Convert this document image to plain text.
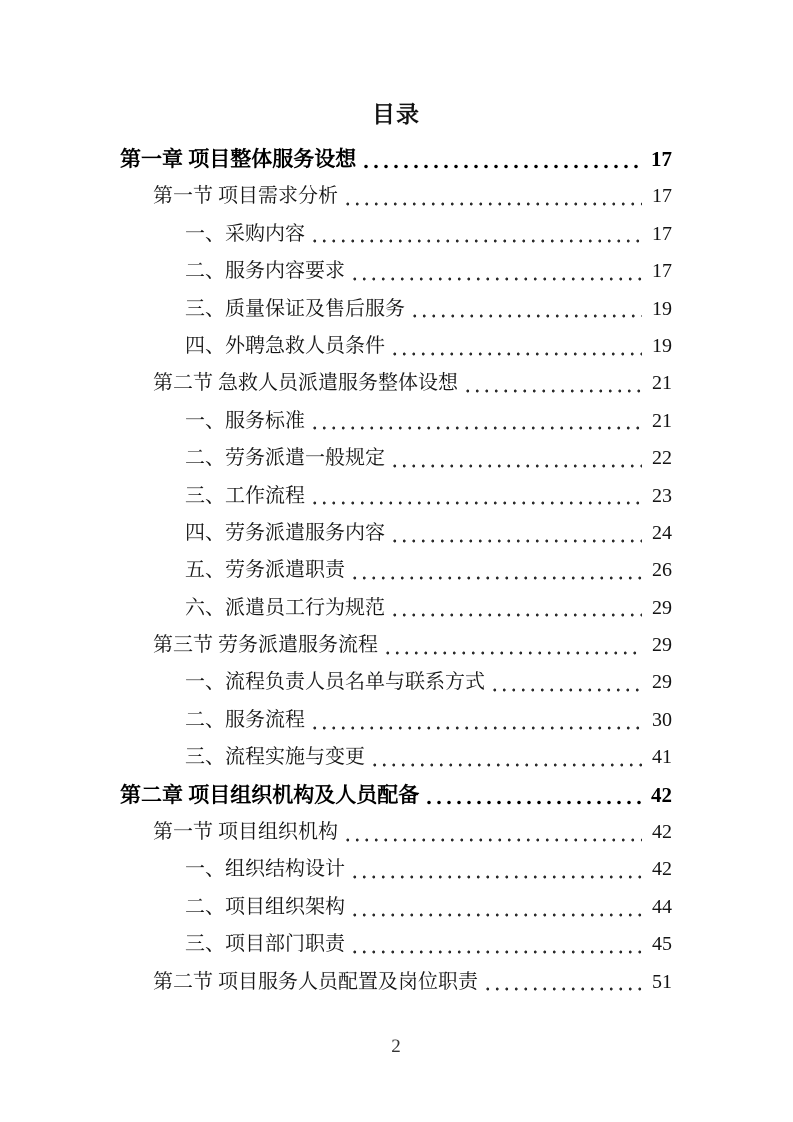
目录
第一章 项目整体服务设想	17
第一节 项目需求分析	17
一、采购内容	17
二、服务内容要求	17
三、质量保证及售后服务	19
四、外聘急救人员条件	19
第二节 急救人员派遣服务整体设想	21
一、服务标准	21
二、劳务派遣一般规定	22
三、工作流程	23
四、劳务派遣服务内容	24
五、劳务派遣职责	26
六、派遣员工行为规范	29
第三节 劳务派遣服务流程	29
一、流程负责人员名单与联系方式	29
二、服务流程	30
三、流程实施与变更	41
第二章 项目组织机构及人员配备	42
第一节 项目组织机构	42
一、组织结构设计	42
二、项目组织架构	44
三、项目部门职责	45
第二节 项目服务人员配置及岗位职责	51
2
